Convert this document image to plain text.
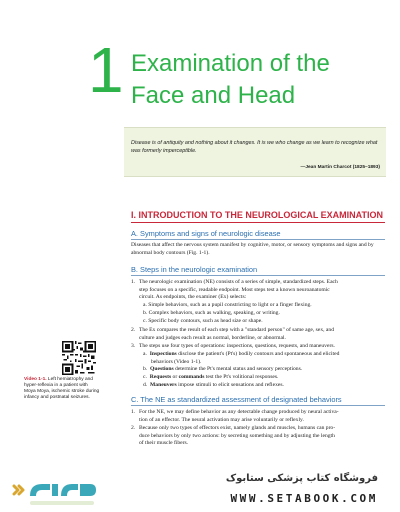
1 Examination of the
Face and Head
Disease is of antiquity and nothing about it changes. It is we who change as we learn to recognize what was formerly imperceptible.
—Jean Martin Charcot (1825–1893)
I. INTRODUCTION TO THE NEUROLOGICAL EXAMINATION
A. Symptoms and signs of neurologic disease
Diseases that affect the nervous system manifest by cognitive, motor, or sensory symptoms and signs and by abnormal body contours (Fig. 1-1).
B. Steps in the neurologic examination
1. The neurologic examination (NE) consists of a series of simple, standardized steps. Each
step focuses on a specific, readable endpoint. Most steps test a known neuroanatomic
circuit. As endpoints, the examiner (Ex) selects:
a. Simple behaviors, such as a pupil constricting to light or a finger flexing.
b. Complex behaviors, such as walking, speaking, or writing.
c. Specific body contours, such as head size or shape.
2. The Ex compares the result of each step with a "standard person" of same age, sex, and
culture and judges each result as normal, borderline, or abnormal.
3. The steps use four types of operations: inspections, questions, requests, and maneuvers.
a.  Inspections disclose the patient's (Pt's) bodily contours and spontaneous and elicited
behaviors (Video 1-1).
b.  Questions determine the Pt's mental status and sensory perceptions.
c.  Requests or commands test the Pt's volitional responses.
d.  Maneuvers impose stimuli to elicit sensations and reflexes.
C. The NE as standardized assessment of designated behaviors
1. For the NE, we may define behavior as any detectable change produced by neural activa-
tion of an effector. The neural activation may arise voluntarily or reflexly.
2. Because only two types of effectors exist, namely glands and muscles, humans can pro-
duce behaviors by only two actions: by secreting something and by adjusting the length
of their muscle fibers.
Video 1-1. Left hemiatrophy and hyper-reflexia in a patient with Moya Moya, ischemic stroke during infancy and postnatal seizures.
فروشگاه کتاب پزشکی ستابوک
WWW.SETABOOK.COM
